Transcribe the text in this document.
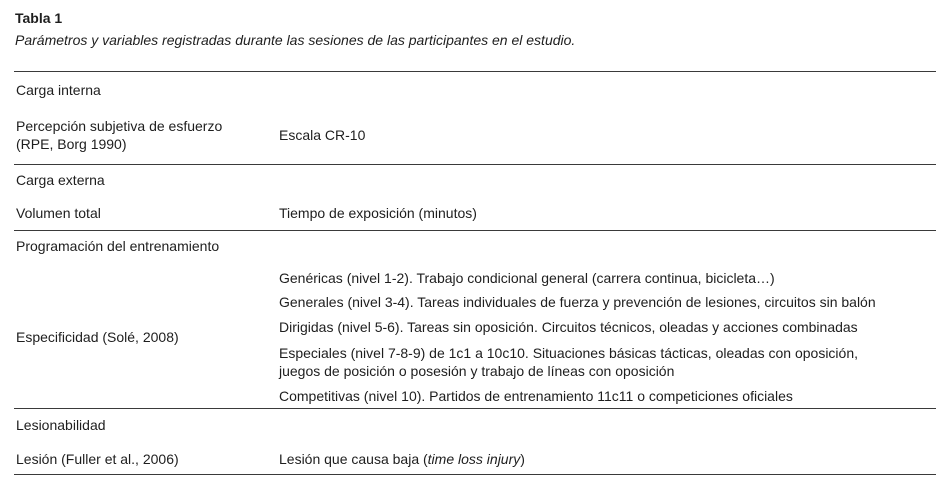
Tabla 1
Parámetros y variables registradas durante las sesiones de las participantes en el estudio.
Carga interna
Percepción subjetiva de esfuerzo
(RPE, Borg 1990)
Escala CR-10
Carga externa
Volumen total	Tiempo de exposición (minutos)
Programación del entrenamiento
Especificidad (Solé, 2008)
Genéricas (nivel 1-2). Trabajo condicional general (carrera continua, bicicleta…)
Generales (nivel 3-4). Tareas individuales de fuerza y prevención de lesiones, circuitos sin balón
Dirigidas (nivel 5-6). Tareas sin oposición. Circuitos técnicos, oleadas y acciones combinadas
Especiales (nivel 7-8-9) de 1c1 a 10c10. Situaciones básicas tácticas, oleadas con oposición,
juegos de posición o posesión y trabajo de líneas con oposición
Competitivas (nivel 10). Partidos de entrenamiento 11c11 o competiciones oficiales
Lesionabilidad
Lesión (Fuller et al., 2006)	Lesión que causa baja (time loss injury)
